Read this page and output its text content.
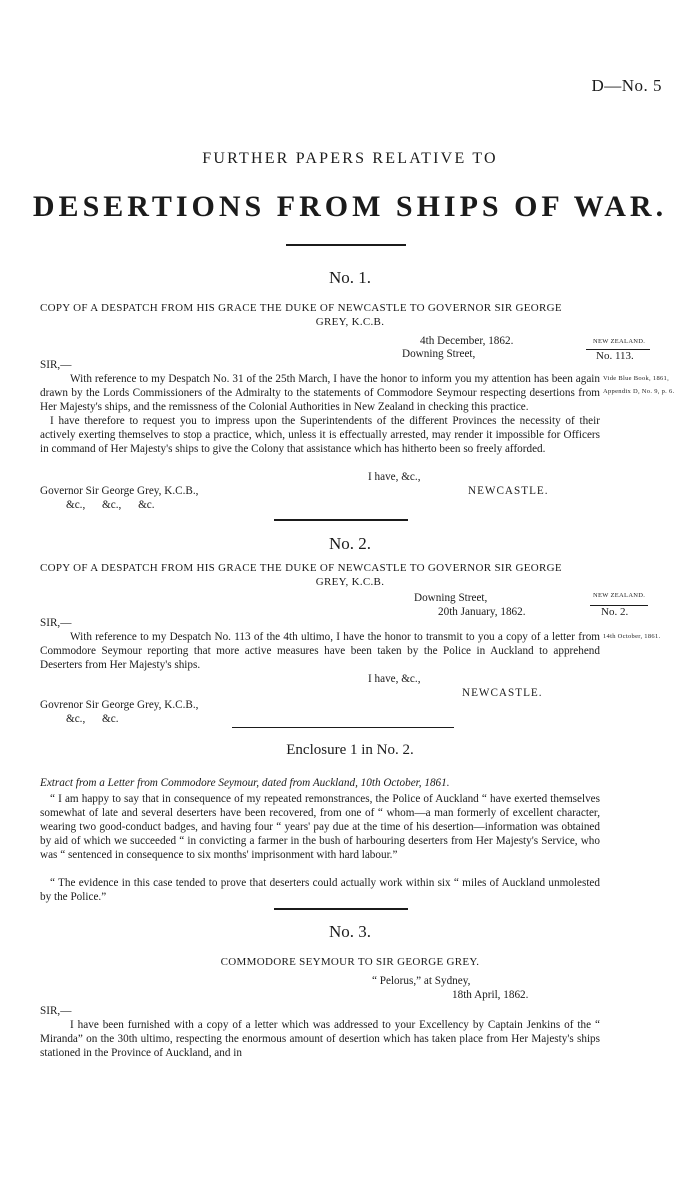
D—No. 5
FURTHER PAPERS RELATIVE TO
DESERTIONS FROM SHIPS OF WAR.
No. 1.
COPY OF A DESPATCH FROM HIS GRACE THE DUKE OF NEWCASTLE TO GOVERNOR SIR GEORGE
GREY, K.C.B.
4th December, 1862.
Downing Street,
NEW ZEALAND.
No. 113.
SIR,—
With reference to my Despatch No. 31 of the 25th March, I have the honor to inform you my attention has been again drawn by the Lords Commissioners of the Admiralty to the statements of Commodore Seymour respecting desertions from Her Majesty's ships, and the remissness of the Colonial Authorities in New Zealand in checking this practice.
I have therefore to request you to impress upon the Superintendents of the different Provinces the necessity of their actively exerting themselves to stop a practice, which, unless it is effectually arrested, may render it impossible for Officers in command of Her Majesty's ships to give the Colony that assistance which has hitherto been so freely afforded.
Vide Blue Book, 1861,
Appendix D, No. 9, p. 6.
I have, &c.,
NEWCASTLE.
Governor Sir George Grey, K.C.B.,
&c.,      &c.,      &c.
No. 2.
COPY OF A DESPATCH FROM HIS GRACE THE DUKE OF NEWCASTLE TO GOVERNOR SIR GEORGE
GREY, K.C.B.
Downing Street,
20th January, 1862.
NEW ZEALAND.
No. 2.
SIR,—
With reference to my Despatch No. 113 of the 4th ultimo, I have the honor to transmit to you a copy of a letter from Commodore Seymour reporting that more active measures have been taken by the Police in Auckland to apprehend Deserters from Her Majesty's ships.
14th October, 1861.
I have, &c.,
NEWCASTLE.
Govrenor Sir George Grey, K.C.B.,
&c.,      &c.
Enclosure 1 in No. 2.
Extract from a Letter from Commodore Seymour, dated from Auckland, 10th October, 1861.
“ I am happy to say that in consequence of my repeated remonstrances, the Police of Auckland “ have exerted themselves somewhat of late and several deserters have been recovered, from one of “ whom—a man formerly of excellent character, wearing two good-conduct badges, and having four “ years' pay due at the time of his desertion—information was obtained by aid of which we succeeded “ in convicting a farmer in the bush of harbouring deserters from Her Majesty's Service, who was “ sentenced in consequence to six months' imprisonment with hard labour.”
“ The evidence in this case tended to prove that deserters could actually work within six “ miles of Auckland unmolested by the Police.”
No. 3.
COMMODORE SEYMOUR TO SIR GEORGE GREY.
“ Pelorus,” at Sydney,
18th April, 1862.
SIR,—
I have been furnished with a copy of a letter which was addressed to your Excellency by Captain Jenkins of the “ Miranda” on the 30th ultimo, respecting the enormous amount of desertion which has taken place from Her Majesty's ships stationed in the Province of Auckland, and in
